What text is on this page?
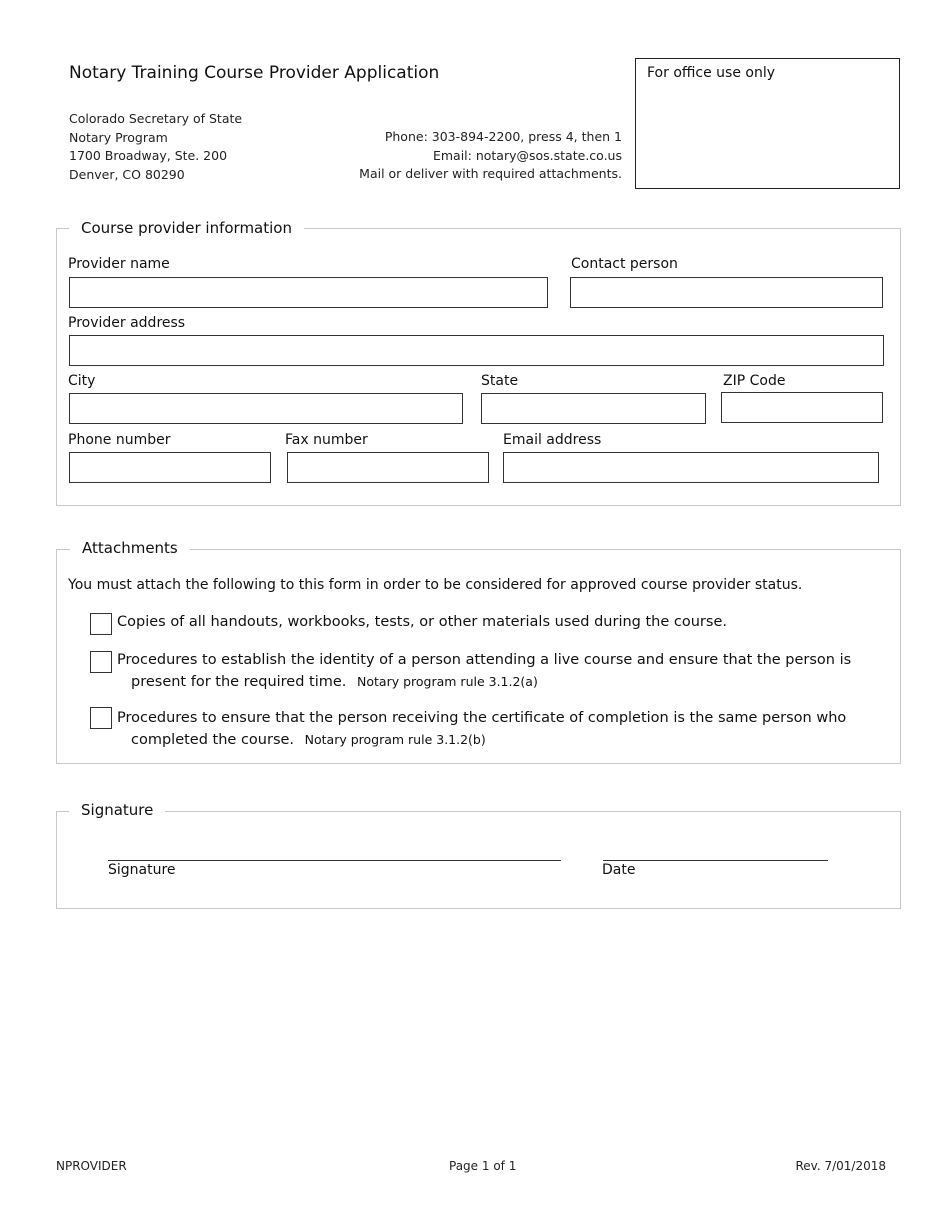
Notary Training Course Provider Application
Colorado Secretary of State
Notary Program
1700 Broadway, Ste. 200
Denver, CO 80290
Phone: 303-894-2200, press 4, then 1
Email: notary@sos.state.co.us
Mail or deliver with required attachments.
For office use only
Course provider information
Provider name	Contact person
Provider address
City	State	ZIP Code
Phone number	Fax number	Email address
Attachments
You must attach the following to this form in order to be considered for approved course provider status.
Copies of all handouts, workbooks, tests, or other materials used during the course.
Procedures to establish the identity of a person attending a live course and ensure that the person is present for the required time. Notary program rule 3.1.2(a)
Procedures to ensure that the person receiving the certificate of completion is the same person who completed the course. Notary program rule 3.1.2(b)
Signature
Signature	Date
NPROVIDER	Page 1 of 1	Rev. 7/01/2018
